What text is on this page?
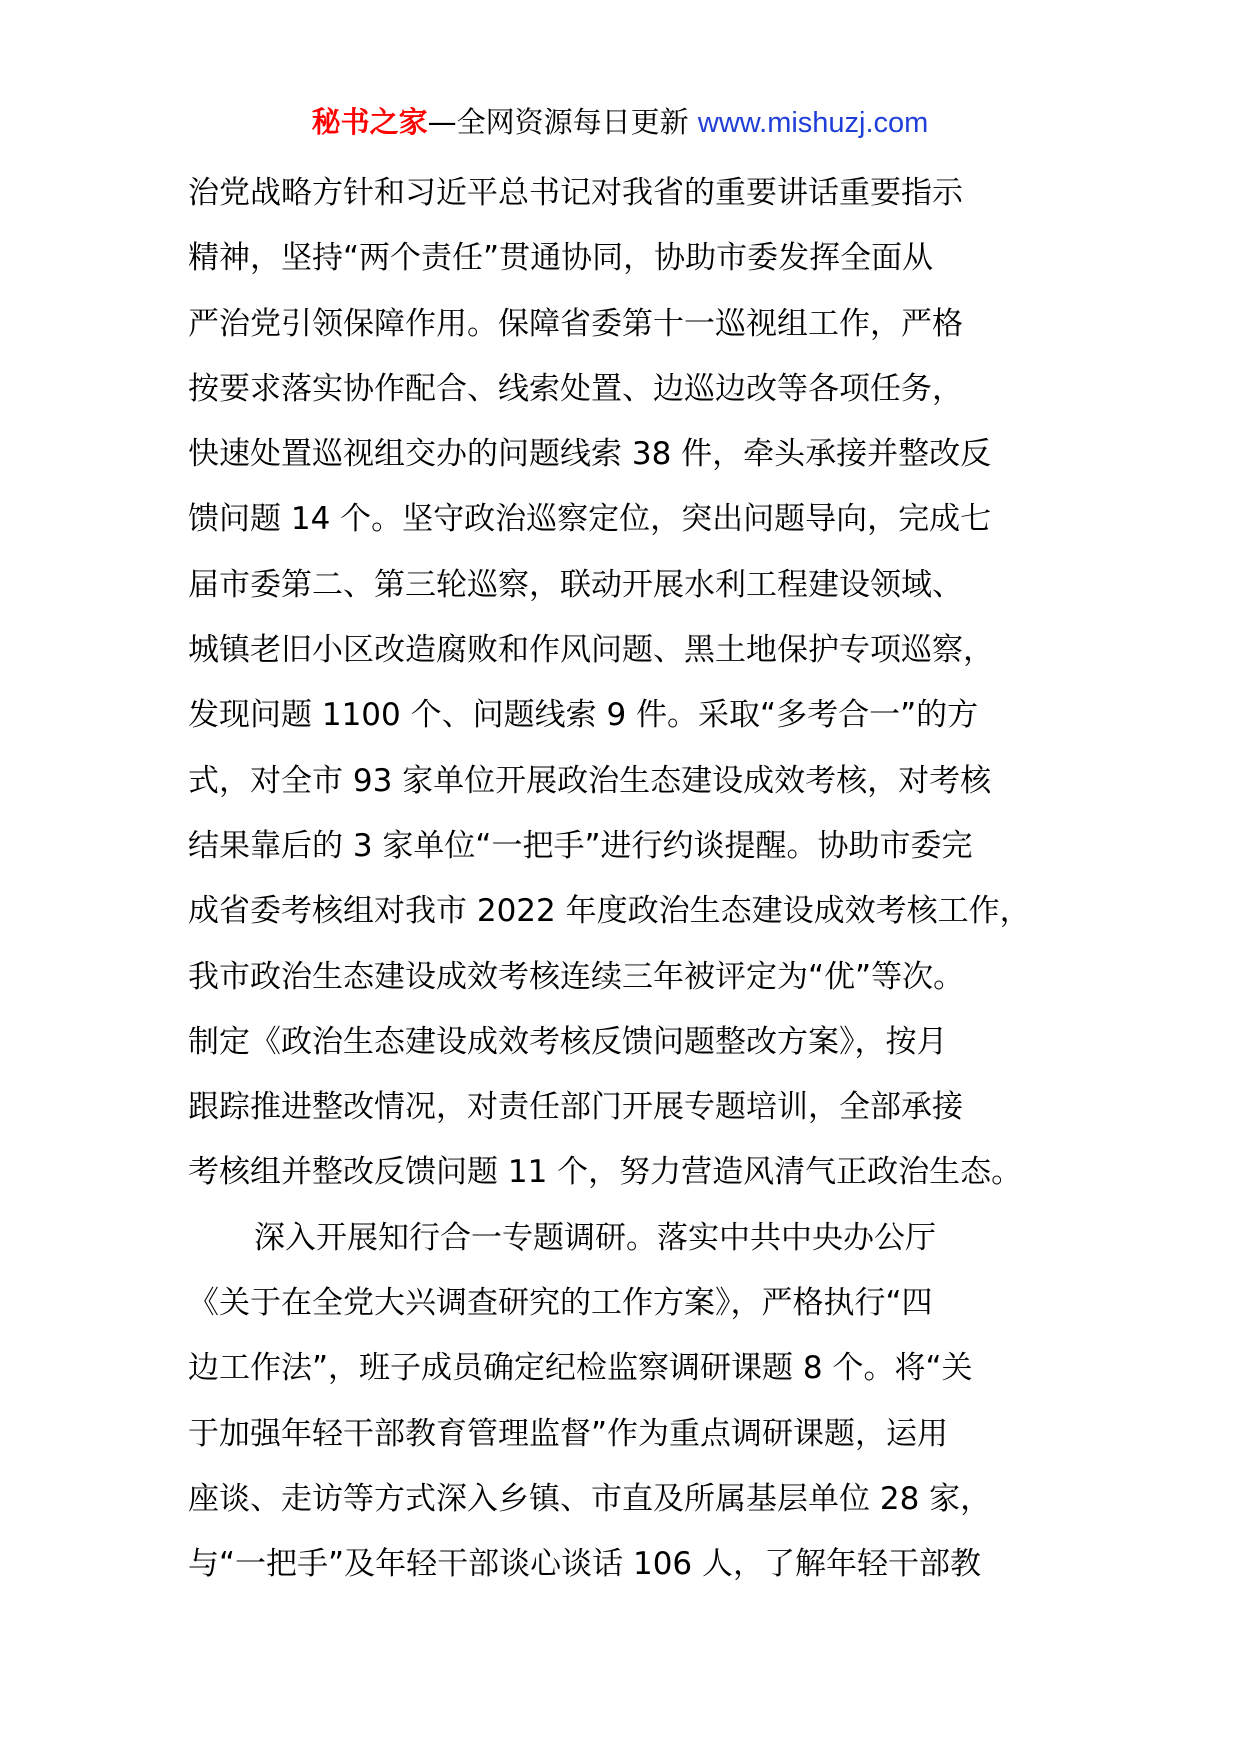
秘书之家—全网资源每日更新 www.mishuzj.com
治党战略方针和习近平总书记对我省的重要讲话重要指示
精神，坚持“两个责任”贯通协同，协助市委发挥全面从
严治党引领保障作用。保障省委第十一巡视组工作，严格
按要求落实协作配合、线索处置、边巡边改等各项任务，
快速处置巡视组交办的问题线索 38 件，牵头承接并整改反
馈问题 14 个。坚守政治巡察定位，突出问题导向，完成七
届市委第二、第三轮巡察，联动开展水利工程建设领域、
城镇老旧小区改造腐败和作风问题、黑土地保护专项巡察，
发现问题 1100 个、问题线索 9 件。采取“多考合一”的方
式，对全市 93 家单位开展政治生态建设成效考核，对考核
结果靠后的 3 家单位“一把手”进行约谈提醒。协助市委完
成省委考核组对我市 2022 年度政治生态建设成效考核工作，
我市政治生态建设成效考核连续三年被评定为“优”等次。
制定《政治生态建设成效考核反馈问题整改方案》，按月
跟踪推进整改情况，对责任部门开展专题培训，全部承接
考核组并整改反馈问题 11 个，努力营造风清气正政治生态。
深入开展知行合一专题调研。落实中共中央办公厅
《关于在全党大兴调查研究的工作方案》，严格执行“四
边工作法”，班子成员确定纪检监察调研课题 8 个。将“关
于加强年轻干部教育管理监督”作为重点调研课题，运用
座谈、走访等方式深入乡镇、市直及所属基层单位 28 家，
与“一把手”及年轻干部谈心谈话 106 人，了解年轻干部教
